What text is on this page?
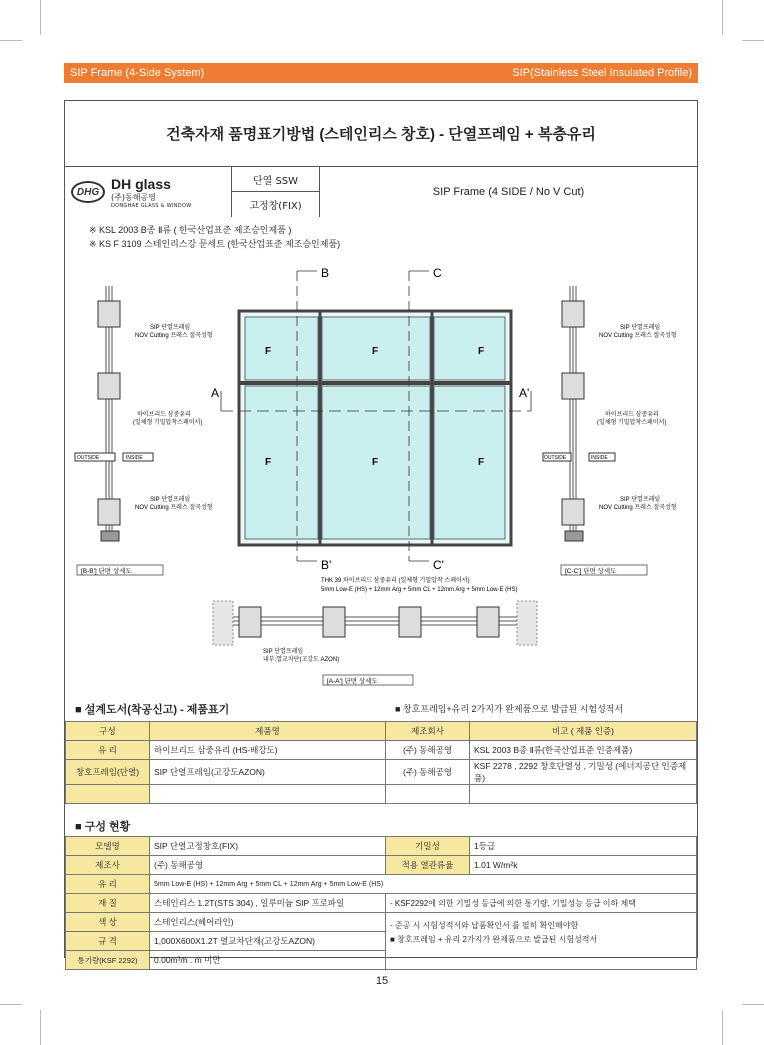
SIP Frame (4-Side System)	SIP(Stainless Steel Insulated Profile)
건축자재 품명표기방법 (스테인리스 창호) - 단열프레임 + 복층유리
DHG
DH glass
(주)동해공영
DONGHAE GLASS & WINDOW
단열 SSW
고정창(FIX)
SIP Frame (4 SIDE / No V Cut)
※ KSL 2003 B종 Ⅱ류 ( 한국산업표준 제조승인제품 )
※ KS F 3109 스테인리스강 문세트 (한국산업표준 제조승인제품)
B	C
A	A'
B'	C'
F	F	F
F	F	F
SIP 단열프레임
NOV Cutting 프레스 절곡성형
하이브리드 삼중유리
(일체형 기밀압착스페이서)
OUTSIDE	INSIDE
SIP 단열프레임
NOV Cutting 프레스 절곡성형
[B-B'] 단면 상세도
SIP 단열프레임
NOV Cutting 프레스 절곡성형
하이브리드 삼중유리
(일체형 기밀압착스페이서)
OUTSIDE	INSIDE
SIP 단열프레임
NOV Cutting 프레스 절곡성형
[C-C'] 단면 상세도
THK 39 하이브리드 삼중유리 (일체형 기밀압착 스페이서)
5mm Low-E (HS) + 12mm Arg + 5mm CL + 12mm Arg + 5mm Low-E (HS)
SIP 단열프레임
내부:열교차단(고강도 AZON)
[A-A'] 단면 상세도
■ 설계도서(착공신고) - 제품표기	■ 창호프레임+유리 2가지가 완제품으로 발급된 시험성적서
구성	제품명	제조회사	비고 ( 제품 인증)
유 리	하이브리드 삼중유리 (HS-배강도)	(주) 동해공영	KSL 2003 B종 Ⅱ류(한국산업표준 인증제품)
창호프레임(단열)	SIP 단열프레임(고강도AZON)	(주) 동해공영	KSF 2278 , 2292 창호단열성 , 기밀성 (에너지공단 인증제품)

■ 구성 현황
모델명	SIP 단열고정창호(FIX)	기밀성	1등급
제조사	(주) 동해공영	적용 열관류율	1.01 W/m²k
유 리	5mm Low-E (HS) + 12mm Arg + 5mm CL + 12mm Arg + 5mm Low-E (HS)		
재 질	스테인리스 1.2T(STS 304) , 일루미늄 SIP 프로파일	- KSF2292에 의한 기밀성 등급에 의한 통기량, 기밀성능 등급 이하 체택	
색 상	스테인리스(헤어라인)	- 준공 시 시험성적서와 납품확인서 를 필히 확인해야함
■ 창호프레임 + 유리 2가지가 완제품으로 발급된 시험성적서	

규 격	1,000X600X1.2T 열교차단재(고강도AZON)		
통기량(KSF 2292)	0.00m³/h . m 미만		
15
